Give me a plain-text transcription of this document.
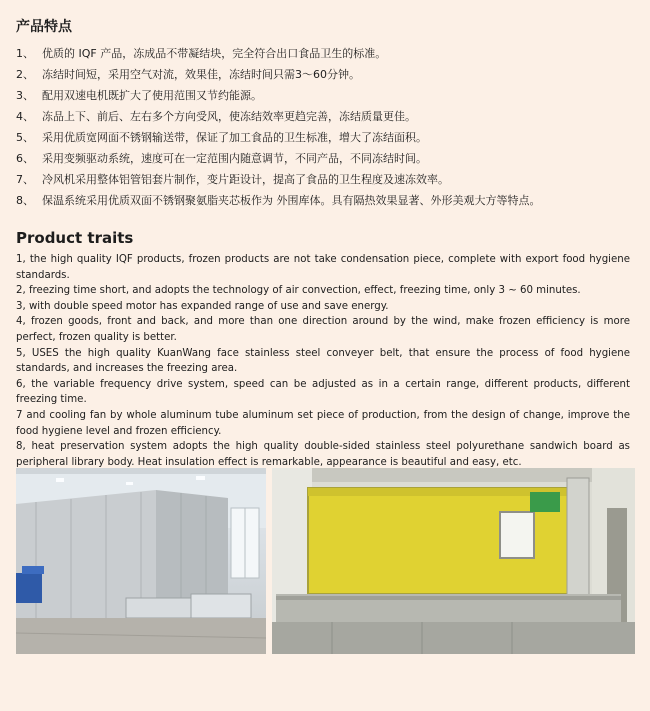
产品特点
1、 优质的 IQF 产品，冻成品不带凝结块，完全符合出口食品卫生的标准。
2、 冻结时间短，采用空气对流，效果佳，冻结时间只需3～60分钟。
3、 配用双速电机既扩大了使用范围又节约能源。
4、 冻品上下、前后、左右多个方向受风，使冻结效率更趋完善，冻结质量更佳。
5、 采用优质宽网面不锈钢输送带，保证了加工食品的卫生标准，增大了冻结面积。
6、 采用变频驱动系统，速度可在一定范围内随意调节，不同产品，不同冻结时间。
7、 冷风机采用整体铝管铝套片制作，变片距设计，提高了食品的卫生程度及速冻效率。
8、 保温系统采用优质双面不锈钢聚氨脂夹芯板作为 外围库体。具有隔热效果显著、外形美观大方等特点。
Product traits
1, the high quality IQF products, frozen products are not take condensation piece, complete with export food hygiene standards.
2, freezing time short, and adopts the technology of air convection, effect, freezing time, only 3 ~ 60 minutes.
3, with double speed motor has expanded range of use and save energy.
4, frozen goods, front and back, and more than one direction around by the wind, make frozen efficiency is more perfect, frozen quality is better.
5, USES the high quality KuanWang face stainless steel conveyer belt, that ensure the process of food hygiene standards, and increases the freezing area.
6, the variable frequency drive system, speed can be adjusted as in a certain range, different products, different freezing time.
7 and cooling fan by whole aluminum tube aluminum set piece of production, from the design of change, improve the food hygiene level and frozen efficiency.
8, heat preservation system adopts the high quality double-sided stainless steel polyurethane sandwich board as peripheral library body. Heat insulation effect is remarkable, appearance is beautiful and easy, etc.
